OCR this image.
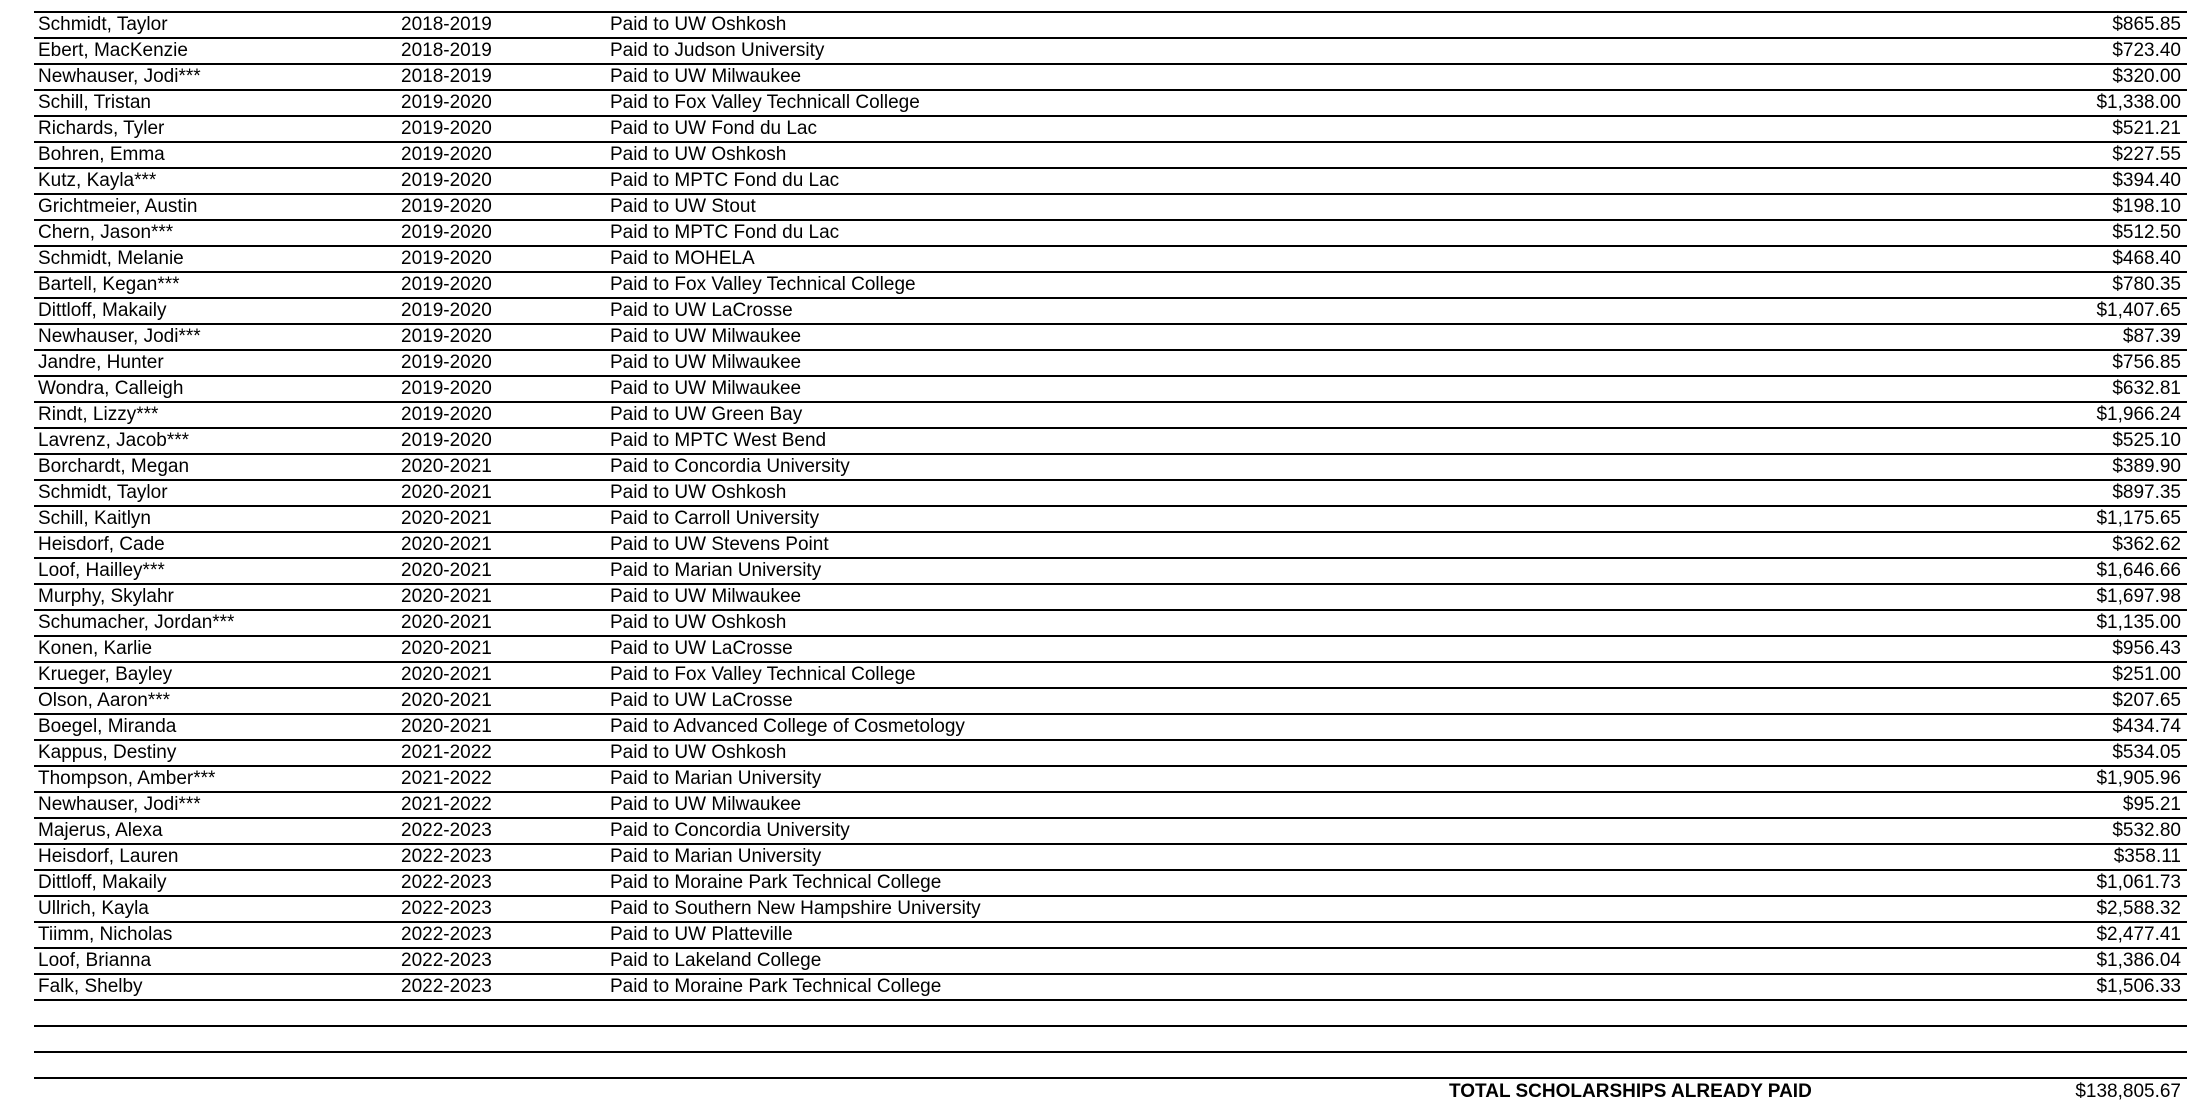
Schmidt, Taylor	2018-2019	Paid to UW Oshkosh	$865.85
Ebert, MacKenzie	2018-2019	Paid to Judson University	$723.40
Newhauser, Jodi***	2018-2019	Paid to UW Milwaukee	$320.00
Schill, Tristan	2019-2020	Paid to Fox Valley Technicall College	$1,338.00
Richards, Tyler	2019-2020	Paid to UW Fond du Lac	$521.21
Bohren, Emma	2019-2020	Paid to UW Oshkosh	$227.55
Kutz, Kayla***	2019-2020	Paid to MPTC Fond du Lac	$394.40
Grichtmeier, Austin	2019-2020	Paid to UW Stout	$198.10
Chern, Jason***	2019-2020	Paid to MPTC Fond du Lac	$512.50
Schmidt, Melanie	2019-2020	Paid to MOHELA	$468.40
Bartell, Kegan***	2019-2020	Paid to Fox Valley Technical College	$780.35
Dittloff, Makaily	2019-2020	Paid to UW LaCrosse	$1,407.65
Newhauser, Jodi***	2019-2020	Paid to UW Milwaukee	$87.39
Jandre, Hunter	2019-2020	Paid to UW Milwaukee	$756.85
Wondra, Calleigh	2019-2020	Paid to UW Milwaukee	$632.81
Rindt, Lizzy***	2019-2020	Paid to UW Green Bay	$1,966.24
Lavrenz, Jacob***	2019-2020	Paid to MPTC West Bend	$525.10
Borchardt, Megan	2020-2021	Paid to Concordia University	$389.90
Schmidt, Taylor	2020-2021	Paid to UW Oshkosh	$897.35
Schill, Kaitlyn	2020-2021	Paid to Carroll University	$1,175.65
Heisdorf, Cade	2020-2021	Paid to UW Stevens Point	$362.62
Loof, Hailley***	2020-2021	Paid to Marian University	$1,646.66
Murphy, Skylahr	2020-2021	Paid to UW Milwaukee	$1,697.98
Schumacher, Jordan***	2020-2021	Paid to UW Oshkosh	$1,135.00
Konen, Karlie	2020-2021	Paid to UW LaCrosse	$956.43
Krueger, Bayley	2020-2021	Paid to Fox Valley Technical College	$251.00
Olson, Aaron***	2020-2021	Paid to UW LaCrosse	$207.65
Boegel, Miranda	2020-2021	Paid to Advanced College of Cosmetology	$434.74
Kappus, Destiny	2021-2022	Paid to UW Oshkosh	$534.05
Thompson, Amber***	2021-2022	Paid to Marian University	$1,905.96
Newhauser, Jodi***	2021-2022	Paid to UW Milwaukee	$95.21
Majerus, Alexa	2022-2023	Paid to Concordia University	$532.80
Heisdorf, Lauren	2022-2023	Paid to Marian University	$358.11
Dittloff, Makaily	2022-2023	Paid to Moraine Park Technical College	$1,061.73
Ullrich, Kayla	2022-2023	Paid to Southern New Hampshire University	$2,588.32
Tiimm, Nicholas	2022-2023	Paid to UW Platteville	$2,477.41
Loof, Brianna	2022-2023	Paid to Lakeland College	$1,386.04
Falk, Shelby	2022-2023	Paid to Moraine Park Technical College	$1,506.33
TOTAL SCHOLARSHIPS ALREADY PAID	$138,805.67
